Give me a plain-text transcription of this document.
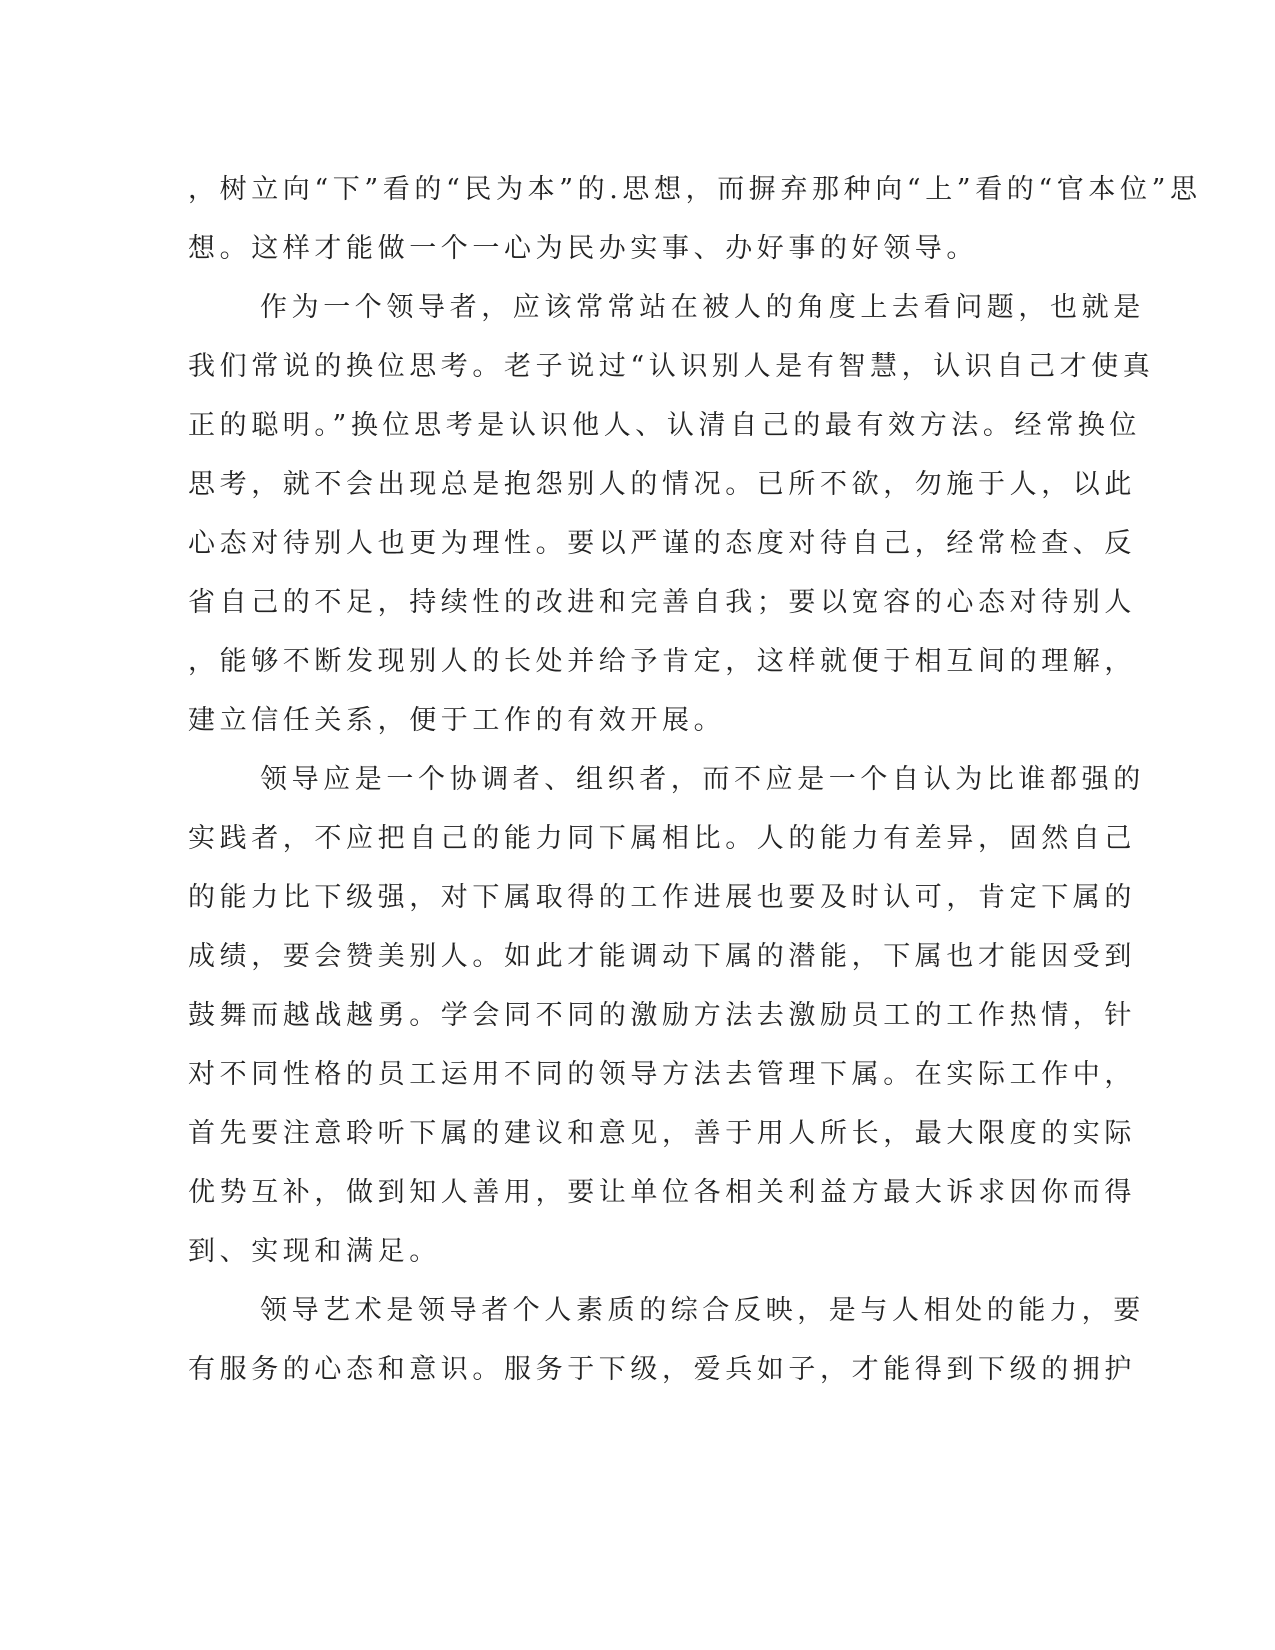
，树立向“下”看的“民为本”的.思想，而摒弃那种向“上”看的“官本位”思
想。这样才能做一个一心为民办实事、办好事的好领导。
作为一个领导者，应该常常站在被人的角度上去看问题，也就是
我们常说的换位思考。老子说过“认识别人是有智慧，认识自己才使真
正的聪明。”换位思考是认识他人、认清自己的最有效方法。经常换位
思考，就不会出现总是抱怨别人的情况。已所不欲，勿施于人，以此
心态对待别人也更为理性。要以严谨的态度对待自己，经常检查、反
省自己的不足，持续性的改进和完善自我；要以宽容的心态对待别人
，能够不断发现别人的长处并给予肯定，这样就便于相互间的理解，
建立信任关系，便于工作的有效开展。
领导应是一个协调者、组织者，而不应是一个自认为比谁都强的
实践者，不应把自己的能力同下属相比。人的能力有差异，固然自己
的能力比下级强，对下属取得的工作进展也要及时认可，肯定下属的
成绩，要会赞美别人。如此才能调动下属的潜能，下属也才能因受到
鼓舞而越战越勇。学会同不同的激励方法去激励员工的工作热情，针
对不同性格的员工运用不同的领导方法去管理下属。在实际工作中，
首先要注意聆听下属的建议和意见，善于用人所长，最大限度的实际
优势互补，做到知人善用，要让单位各相关利益方最大诉求因你而得
到、实现和满足。
领导艺术是领导者个人素质的综合反映，是与人相处的能力，要
有服务的心态和意识。服务于下级，爱兵如子，才能得到下级的拥护
